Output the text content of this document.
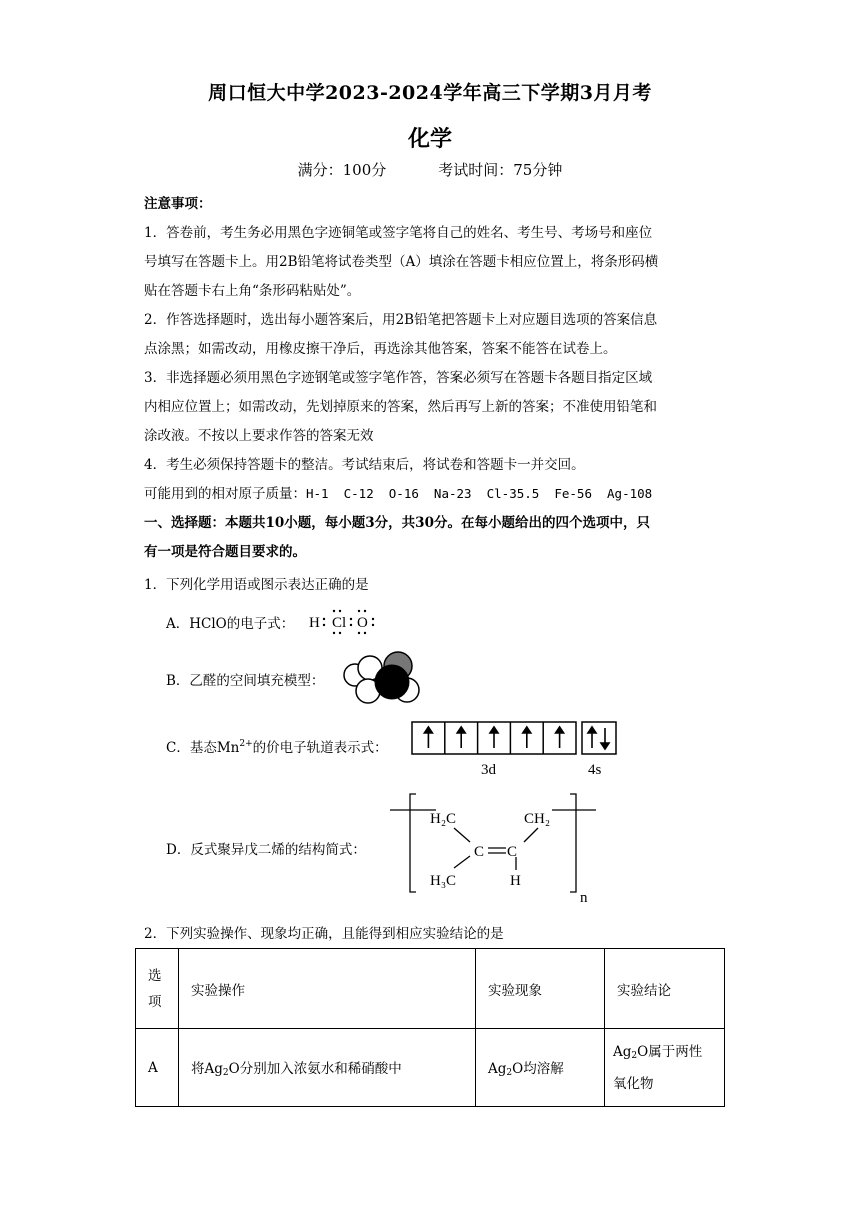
周口恒大中学2023-2024学年高三下学期3月月考
化学
满分：100分	考试时间：75分钟
注意事项：
1．答卷前，考生务必用黑色字迹铜笔或签字笔将自己的姓名、考生号、考场号和座位
号填写在答题卡上。用2B铅笔将试卷类型（A）填涂在答题卡相应位置上，将条形码横
贴在答题卡右上角“条形码粘贴处”。
2．作答选择题时，选出每小题答案后，用2B铅笔把答题卡上对应题目选项的答案信息
点涂黑；如需改动，用橡皮擦干净后，再选涂其他答案，答案不能答在试卷上。
3．非选择题必须用黑色字迹钢笔或签字笔作答，答案必须写在答题卡各题目指定区域
内相应位置上；如需改动，先划掉原来的答案，然后再写上新的答案；不准使用铅笔和
涂改液。不按以上要求作答的答案无效
4．考生必须保持答题卡的整洁。考试结束后，将试卷和答题卡一并交回。
可能用到的相对原子质量：H-1  C-12  O-16  Na-23  Cl-35.5  Fe-56  Ag-108
一、选择题：本题共10小题，每小题3分，共30分。在每小题给出的四个选项中，只
有一项是符合题目要求的。
1．下列化学用语或图示表达正确的是
A．HClO的电子式： H Cl O
B．乙醛的空间填充模型：
C．基态$Mn^{2+}$的价电子轨道表示式：
3d	4s
D．反式聚异戊二烯的结构简式：
H₂C	CH₂
C C
H₃C	H
n
2．下列实验操作、现象均正确，且能得到相应实验结论的是
选
项	实验操作	实验现象	实验结论
A	将$Ag_2O$分别加入浓氨水和稀硝酸中	$Ag_2O$均溶解	$Ag_2O$属于两性
氧化物
